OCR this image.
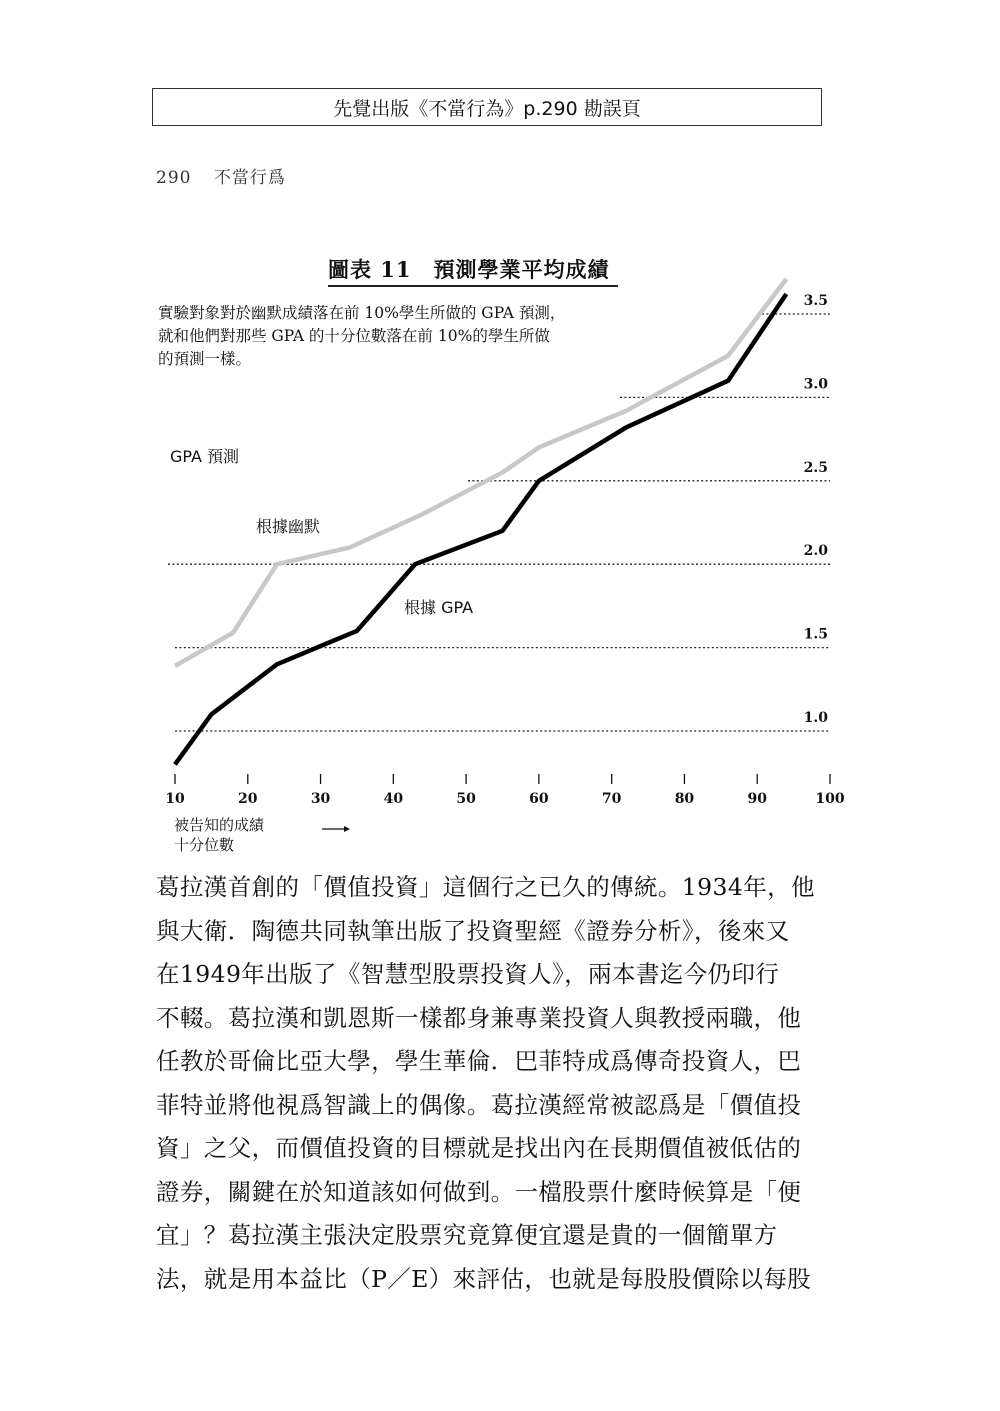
先覺出版《不當行為》p.290 勘誤頁
290 不當行爲
圖表 11　預測學業平均成績
實驗對象對於幽默成績落在前 10%學生所做的 GPA 預測，
就和他們對那些 GPA 的十分位數落在前 10%的學生所做
的預測一樣。
1.0
1.5
2.0
2.5
3.0
3.5
10	20	30	40	50	60	70	80	90	100
GPA 預測
根據幽默
根據 GPA
被告知的成績
十分位數

葛拉漢首創的「價值投資」這個行之已久的傳統。1934年，他

與大衛．陶德共同執筆出版了投資聖經《證券分析》，後來又

在1949年出版了《智慧型股票投資人》，兩本書迄今仍印行

不輟。葛拉漢和凱恩斯一樣都身兼專業投資人與教授兩職，他

任教於哥倫比亞大學，學生華倫．巴菲特成爲傳奇投資人，巴

菲特並將他視爲智識上的偶像。葛拉漢經常被認爲是「價值投

資」之父，而價值投資的目標就是找出內在長期價值被低估的

證券，關鍵在於知道該如何做到。一檔股票什麼時候算是「便

宜」？葛拉漢主張決定股票究竟算便宜還是貴的一個簡單方

法，就是用本益比（P／E）來評估，也就是每股股價除以每股
